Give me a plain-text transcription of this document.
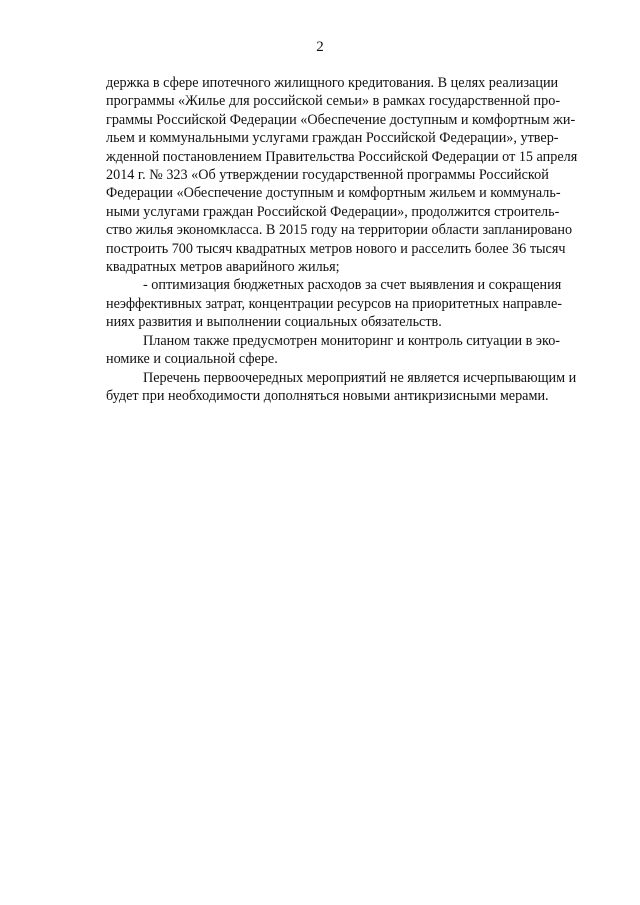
2

держка в сфере ипотечного жилищного кредитования. В целях реализации
программы «Жилье для российской семьи» в рамках государственной про-
граммы Российской Федерации «Обеспечение доступным и комфортным жи-
льем и коммунальными услугами граждан Российской Федерации», утвер-
жденной постановлением Правительства Российской Федерации от 15 апреля
2014 г. № 323 «Об утверждении государственной программы Российской
Федерации «Обеспечение доступным и комфортным жильем и коммуналь-
ными услугами граждан Российской Федерации», продолжится строитель-
ство жилья экономкласса. В 2015 году на территории области запланировано
построить 700 тысяч квадратных метров нового и расселить более 36 тысяч
квадратных метров аварийного жилья;

- оптимизация бюджетных расходов за счет выявления и сокращения
неэффективных затрат, концентрации ресурсов на приоритетных направле-
ниях развития и выполнении социальных обязательств.

Планом также предусмотрен мониторинг и контроль ситуации в эко-
номике и социальной сфере.

Перечень первоочередных мероприятий не является исчерпывающим и
будет при необходимости дополняться новыми антикризисными мерами.
